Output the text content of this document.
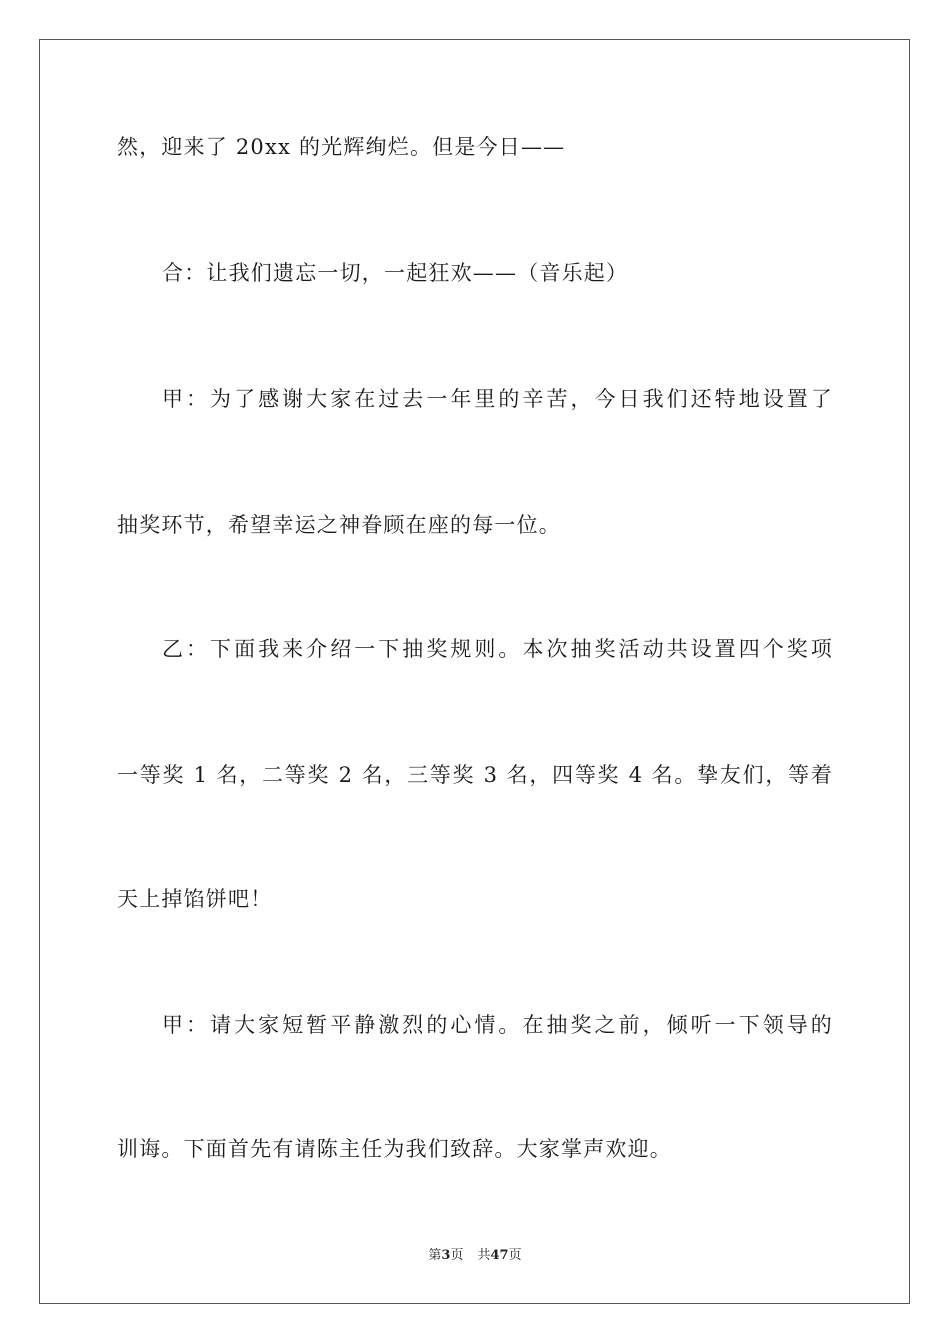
然，迎来了 20xx 的光辉绚烂。但是今日——
合：让我们遗忘一切，一起狂欢——（音乐起）
甲：为了感谢大家在过去一年里的辛苦，今日我们还特地设置了
抽奖环节，希望幸运之神眷顾在座的每一位。
乙：下面我来介绍一下抽奖规则。本次抽奖活动共设置四个奖项
一等奖 1 名，二等奖 2 名，三等奖 3 名，四等奖 4 名。挚友们，等着
天上掉馅饼吧！
甲：请大家短暂平静激烈的心情。在抽奖之前，倾听一下领导的
训诲。下面首先有请陈主任为我们致辞。大家掌声欢迎。
第3页 共47页
